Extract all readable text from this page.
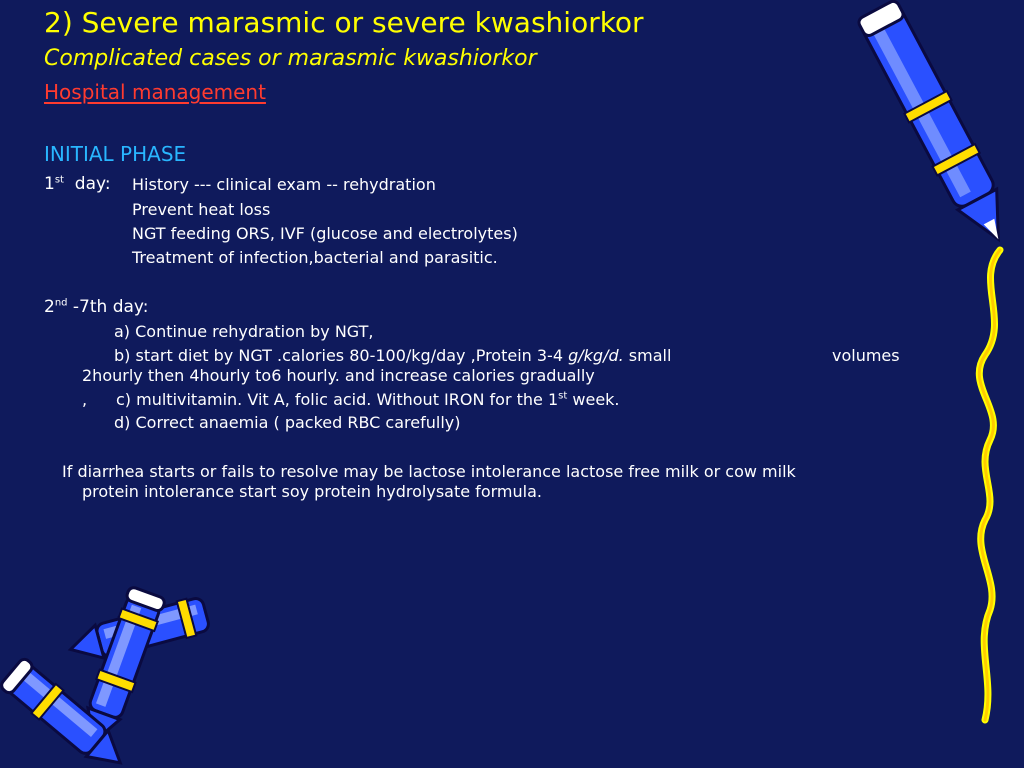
2) Severe marasmic or severe kwashiorkor
Complicated cases or marasmic kwashiorkor
Hospital management
INITIAL PHASE
1st day: History --- clinical exam -- rehydration
Prevent heat loss
NGT feeding ORS, IVF (glucose and electrolytes)
Treatment of infection,bacterial and parasitic.
2nd -7th day:
a) Continue rehydration by NGT,
b) start diet by NGT .calories 80-100/kg/day ,Protein 3-4 g/kg/d. small	volumes
2hourly then 4hourly to6 hourly. and increase calories gradually
, c) multivitamin. Vit A, folic acid. Without IRON for the 1st week.
d) Correct anaemia ( packed RBC carefully)
If diarrhea starts or fails to resolve may be lactose intolerance lactose free milk or cow milk
protein intolerance start soy protein hydrolysate formula.
